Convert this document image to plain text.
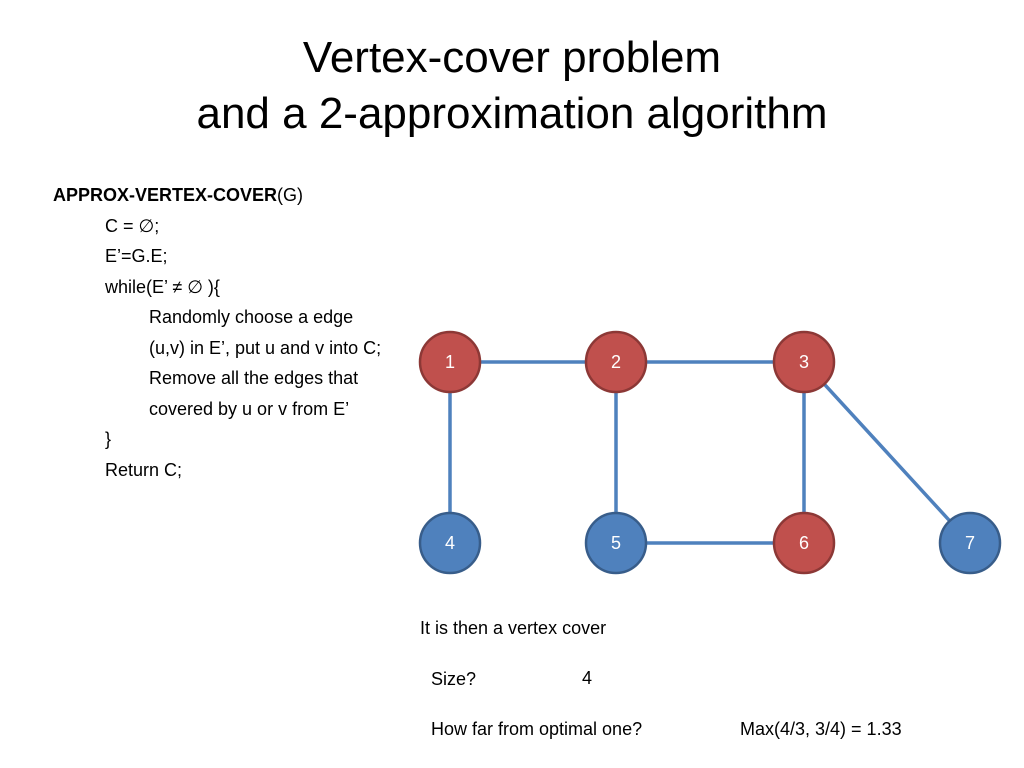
Vertex-cover problem
and a 2-approximation algorithm
APPROX-VERTEX-COVER(G)
C = ∅;
E’=G.E;
while(E’ ≠ ∅ ){
Randomly choose a edge (u,v) in E’, put u and v into C;
Remove all the edges that covered by u or v from E’
}
Return C;
1	2	3
4	5	6	7
It is then a vertex cover
Size?	4
How far from optimal one?	Max(4/3, 3/4) = 1.33
